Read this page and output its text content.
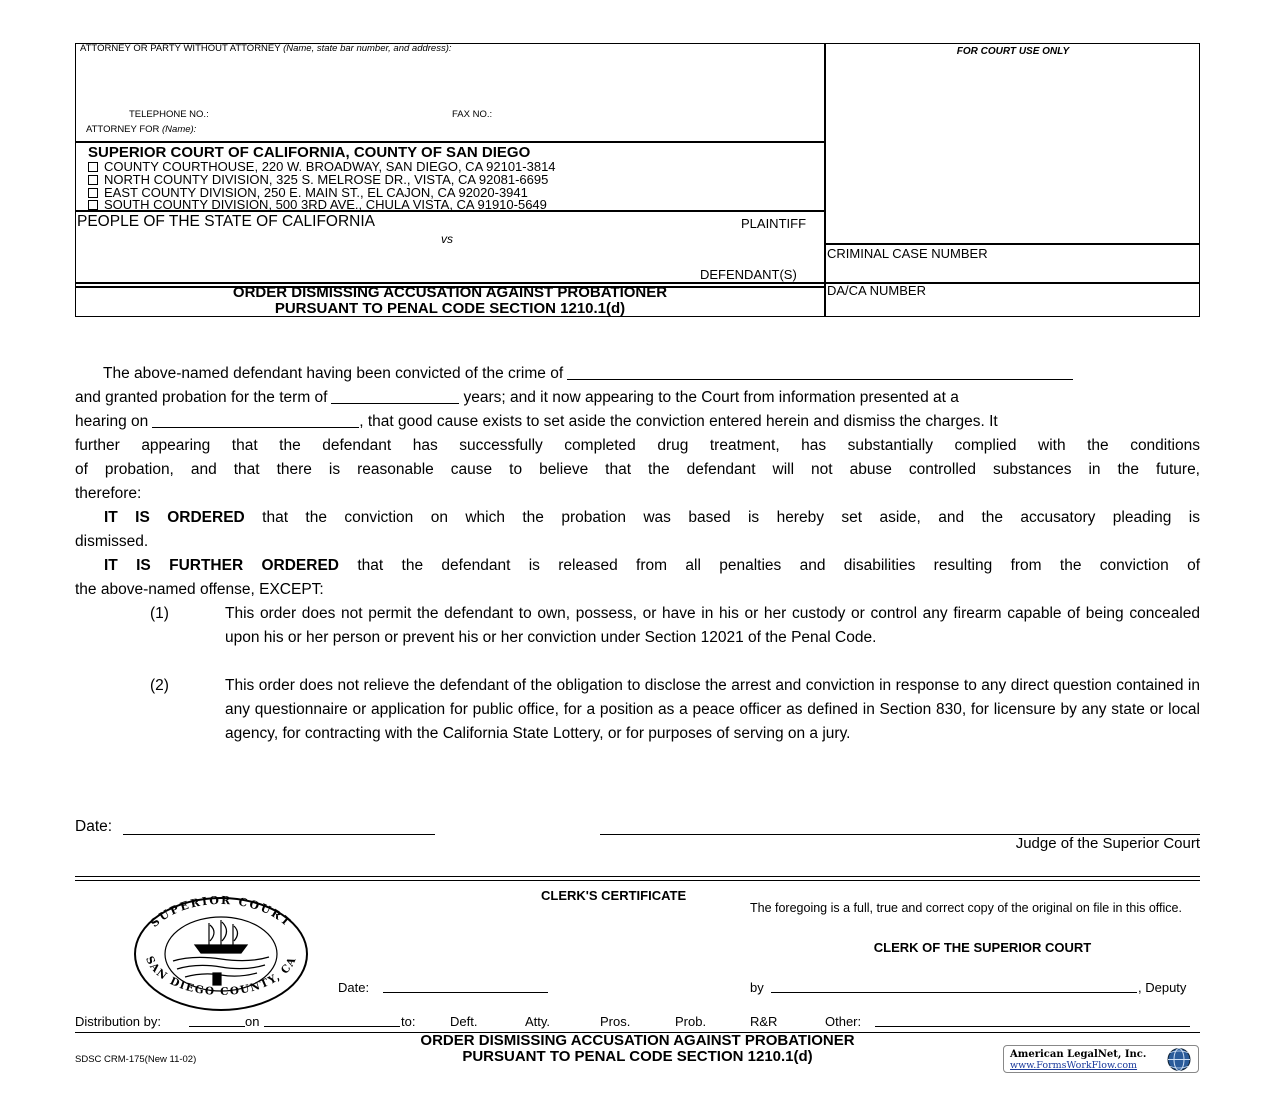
ATTORNEY OR PARTY WITHOUT ATTORNEY (Name, state bar number, and address):	FOR COURT USE ONLY
TELEPHONE NO.:	FAX NO.:
ATTORNEY FOR (Name):
SUPERIOR COURT OF CALIFORNIA, COUNTY OF SAN DIEGO
COUNTY COURTHOUSE, 220 W. BROADWAY, SAN DIEGO, CA 92101-3814
NORTH COUNTY DIVISION, 325 S. MELROSE DR., VISTA, CA 92081-6695
EAST COUNTY DIVISION, 250 E. MAIN ST., EL CAJON, CA 92020-3941
SOUTH COUNTY DIVISION, 500 3RD AVE., CHULA VISTA, CA 91910-5649
PEOPLE OF THE STATE OF CALIFORNIA	PLAINTIFF
vs
DEFENDANT(S)
CRIMINAL CASE NUMBER
DA/CA NUMBER
ORDER DISMISSING ACCUSATION AGAINST PROBATIONER
PURSUANT TO PENAL CODE SECTION 1210.1(d)
The above-named defendant having been convicted of the crime of
and granted probation for the term of	years; and it now appearing to the Court from information presented at a
hearing on	, that good cause exists to set aside the conviction entered herein and dismiss the charges. It
further appearing that the defendant has successfully completed drug treatment, has substantially complied with the conditions
of probation, and that there is reasonable cause to believe that the defendant will not abuse controlled substances in the future,
therefore:
IT IS ORDERED that the conviction on which the probation was based is hereby set aside, and the accusatory pleading is
dismissed.
IT IS FURTHER ORDERED that the defendant is released from all penalties and disabilities resulting from the conviction of
the above-named offense, EXCEPT:
(1)	This order does not permit the defendant to own, possess, or have in his or her custody or control any firearm capable of being concealed upon his or her person or prevent his or her conviction under Section 12021 of the Penal Code.
(2)	This order does not relieve the defendant of the obligation to disclose the arrest and conviction in response to any direct question contained in any questionnaire or application for public office, for a position as a peace officer as defined in Section 830, for licensure by any state or local agency, for contracting with the California State Lottery, or for purposes of serving on a jury.
Date:
Judge of the Superior Court
CLERK'S CERTIFICATE
The foregoing is a full, true and correct copy of the original on file in this office.
CLERK OF THE SUPERIOR COURT
SUPERIOR COURT
SAN DIEGO COUNTY, CA
Date:	by	, Deputy
Distribution by:	on	to:	Deft.	Atty.	Pros.	Prob.	R&R	Other:
SDSC CRM-175(New 11-02)
ORDER DISMISSING ACCUSATION AGAINST PROBATIONER
PURSUANT TO PENAL CODE SECTION 1210.1(d)	American LegalNet, Inc.
www.FormsWorkFlow.com
